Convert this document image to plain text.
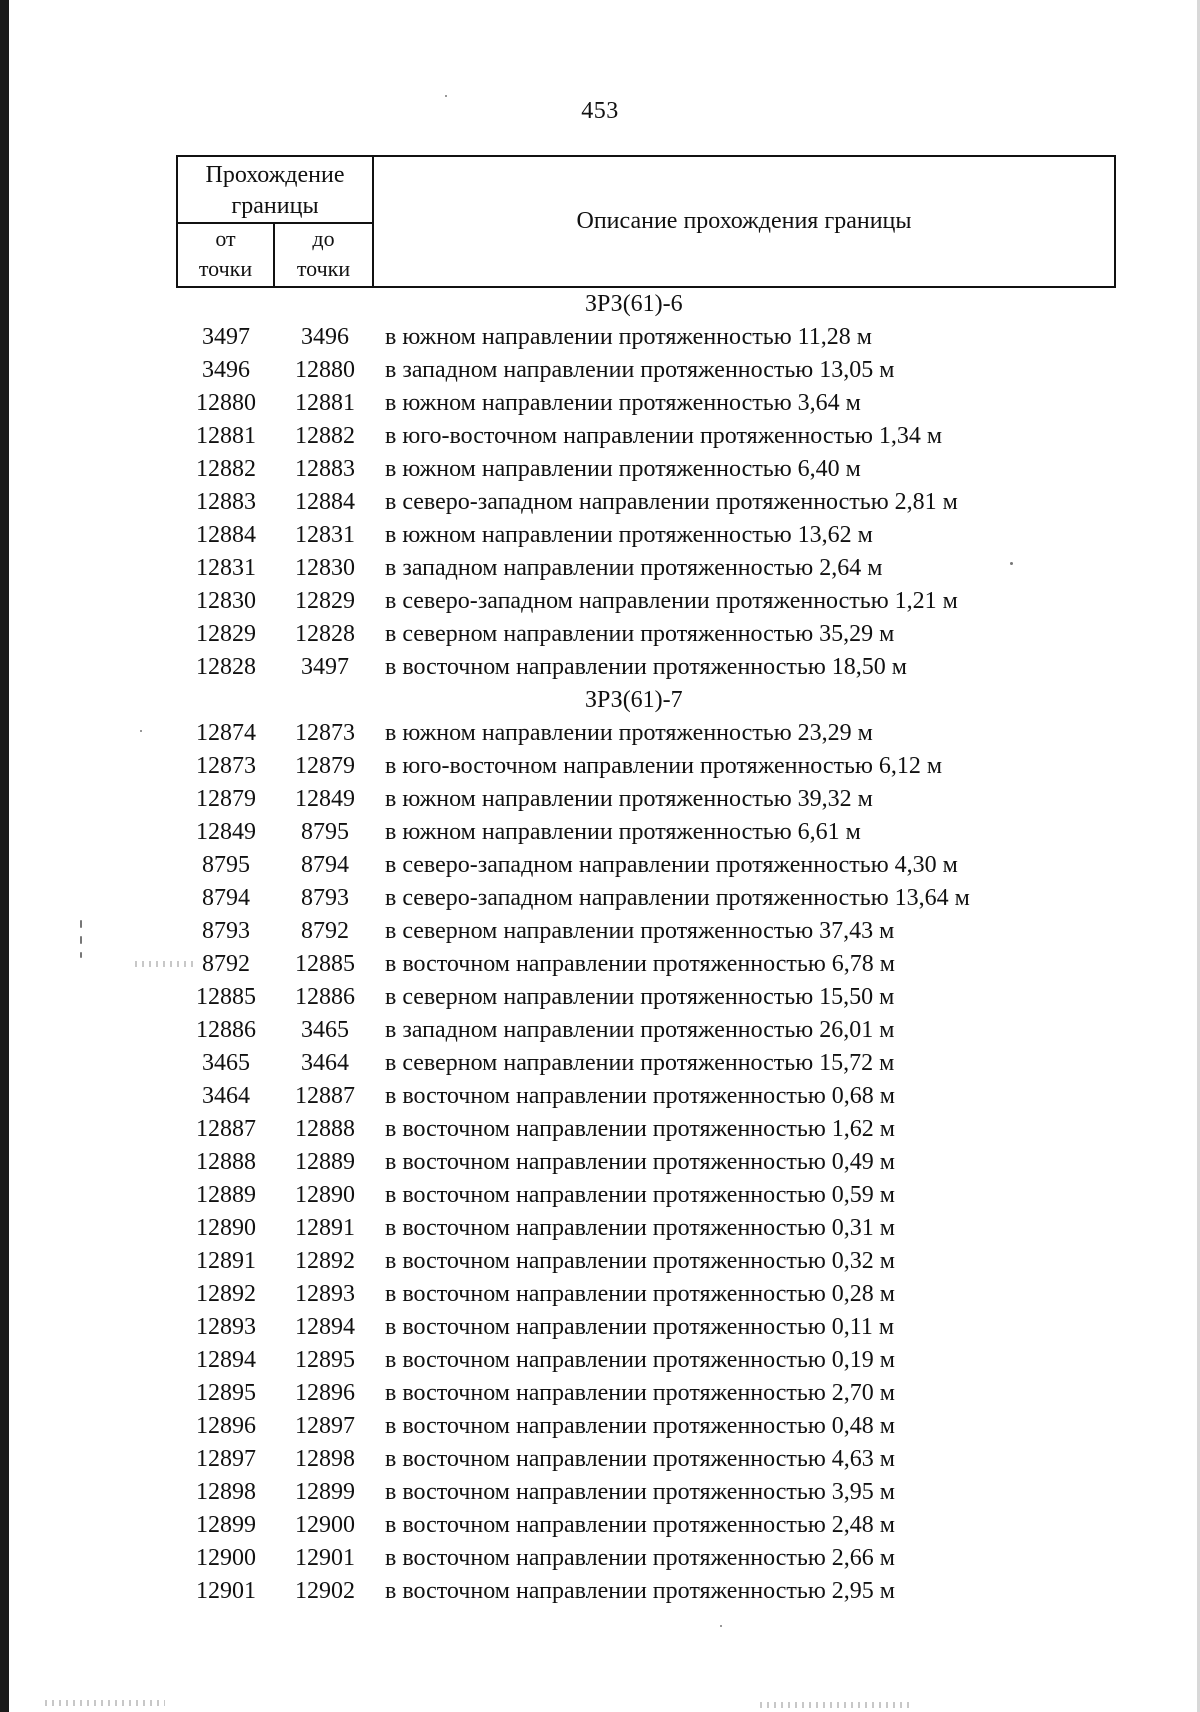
453
Прохождение
границы
от
точки
до
точки
Описание прохождения границы
ЗРЗ(61)-6
3497	3496	в южном направлении протяженностью 11,28 м
3496	12880	в западном направлении протяженностью 13,05 м
12880	12881	в южном направлении протяженностью 3,64 м
12881	12882	в юго-восточном направлении протяженностью 1,34 м
12882	12883	в южном направлении протяженностью 6,40 м
12883	12884	в северо-западном направлении протяженностью 2,81 м
12884	12831	в южном направлении протяженностью 13,62 м
12831	12830	в западном направлении протяженностью 2,64 м
12830	12829	в северо-западном направлении протяженностью 1,21 м
12829	12828	в северном направлении протяженностью 35,29 м
12828	3497	в восточном направлении протяженностью 18,50 м
ЗРЗ(61)-7
12874	12873	в южном направлении протяженностью 23,29 м
12873	12879	в юго-восточном направлении протяженностью 6,12 м
12879	12849	в южном направлении протяженностью 39,32 м
12849	8795	в южном направлении протяженностью 6,61 м
8795	8794	в северо-западном направлении протяженностью 4,30 м
8794	8793	в северо-западном направлении протяженностью 13,64 м
8793	8792	в северном направлении протяженностью 37,43 м
8792	12885	в восточном направлении протяженностью 6,78 м
12885	12886	в северном направлении протяженностью 15,50 м
12886	3465	в западном направлении протяженностью 26,01 м
3465	3464	в северном направлении протяженностью 15,72 м
3464	12887	в восточном направлении протяженностью 0,68 м
12887	12888	в восточном направлении протяженностью 1,62 м
12888	12889	в восточном направлении протяженностью 0,49 м
12889	12890	в восточном направлении протяженностью 0,59 м
12890	12891	в восточном направлении протяженностью 0,31 м
12891	12892	в восточном направлении протяженностью 0,32 м
12892	12893	в восточном направлении протяженностью 0,28 м
12893	12894	в восточном направлении протяженностью 0,11 м
12894	12895	в восточном направлении протяженностью 0,19 м
12895	12896	в восточном направлении протяженностью 2,70 м
12896	12897	в восточном направлении протяженностью 0,48 м
12897	12898	в восточном направлении протяженностью 4,63 м
12898	12899	в восточном направлении протяженностью 3,95 м
12899	12900	в восточном направлении протяженностью 2,48 м
12900	12901	в восточном направлении протяженностью 2,66 м
12901	12902	в восточном направлении протяженностью 2,95 м
